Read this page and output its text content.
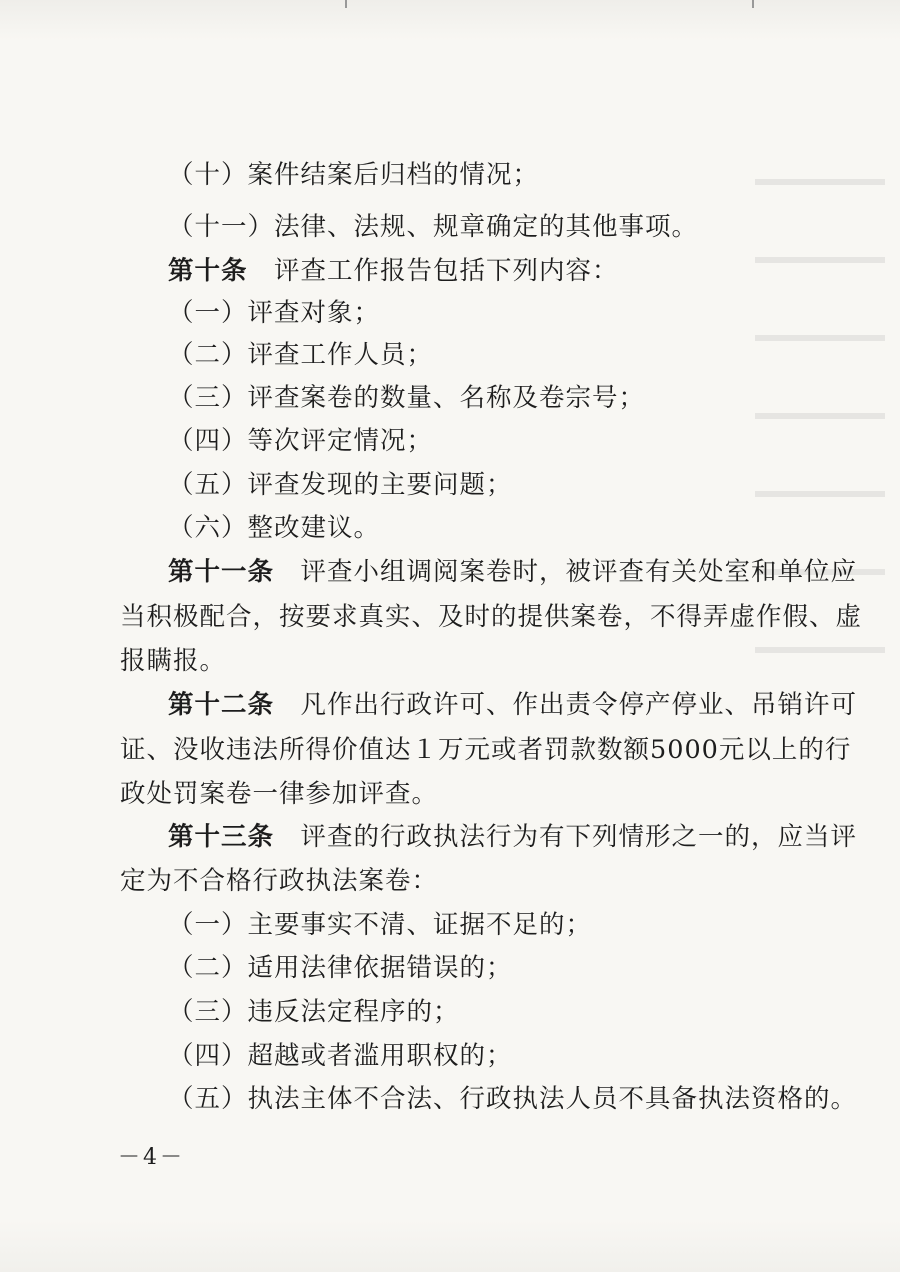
（十）案件结案后归档的情况；
（十一）法律、法规、规章确定的其他事项。
第十条　 评查工作报告包括下列内容：
（一）评查对象；
（二）评查工作人员；
（三）评查案卷的数量、名称及卷宗号；
（四）等次评定情况；
（五）评查发现的主要问题；
（六）整改建议。
第十一条　 评查小组调阅案卷时，被评查有关处室和单位应
当积极配合，按要求真实、及时的提供案卷，不得弄虚作假、虚
报瞒报。
第十二条　 凡作出行政许可、作出责令停产停业、吊销许可
证、没收违法所得价值达１万元或者罚款数额5000元以上的行
政处罚案卷一律参加评查。
第十三条　 评查的行政执法行为有下列情形之一的，应当评
定为不合格行政执法案卷：
（一）主要事实不清、证据不足的；
（二）适用法律依据错误的；
（三）违反法定程序的；
（四）超越或者滥用职权的；
（五）执法主体不合法、行政执法人员不具备执法资格的。
－4－
